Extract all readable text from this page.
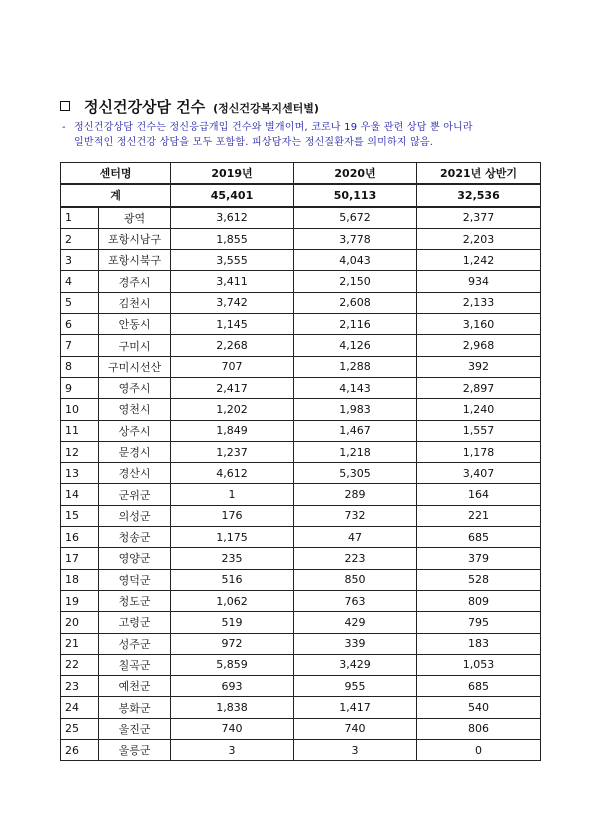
정신건강상담 건수 (정신건강복지센터별)
- 정신건강상담 건수는 정신응급개입 건수와 별개이며, 코로나 19 우울 관련 상담 뿐 아니라
일반적인 정신건강 상담을 모두 포함함. 피상담자는 정신질환자를 의미하지 않음.
센터명		2019년	2020년	2021년 상반기
계		45,401	50,113	32,536
1	광역	3,612	5,672	2,377
2	포항시남구	1,855	3,778	2,203
3	포항시북구	3,555	4,043	1,242
4	경주시	3,411	2,150	934
5	김천시	3,742	2,608	2,133
6	안동시	1,145	2,116	3,160
7	구미시	2,268	4,126	2,968
8	구미시선산	707	1,288	392
9	영주시	2,417	4,143	2,897
10	영천시	1,202	1,983	1,240
11	상주시	1,849	1,467	1,557
12	문경시	1,237	1,218	1,178
13	경산시	4,612	5,305	3,407
14	군위군	1	289	164
15	의성군	176	732	221
16	청송군	1,175	47	685
17	영양군	235	223	379
18	영덕군	516	850	528
19	청도군	1,062	763	809
20	고령군	519	429	795
21	성주군	972	339	183
22	칠곡군	5,859	3,429	1,053
23	예천군	693	955	685
24	봉화군	1,838	1,417	540
25	울진군	740	740	806
26	울릉군	3	3	0
